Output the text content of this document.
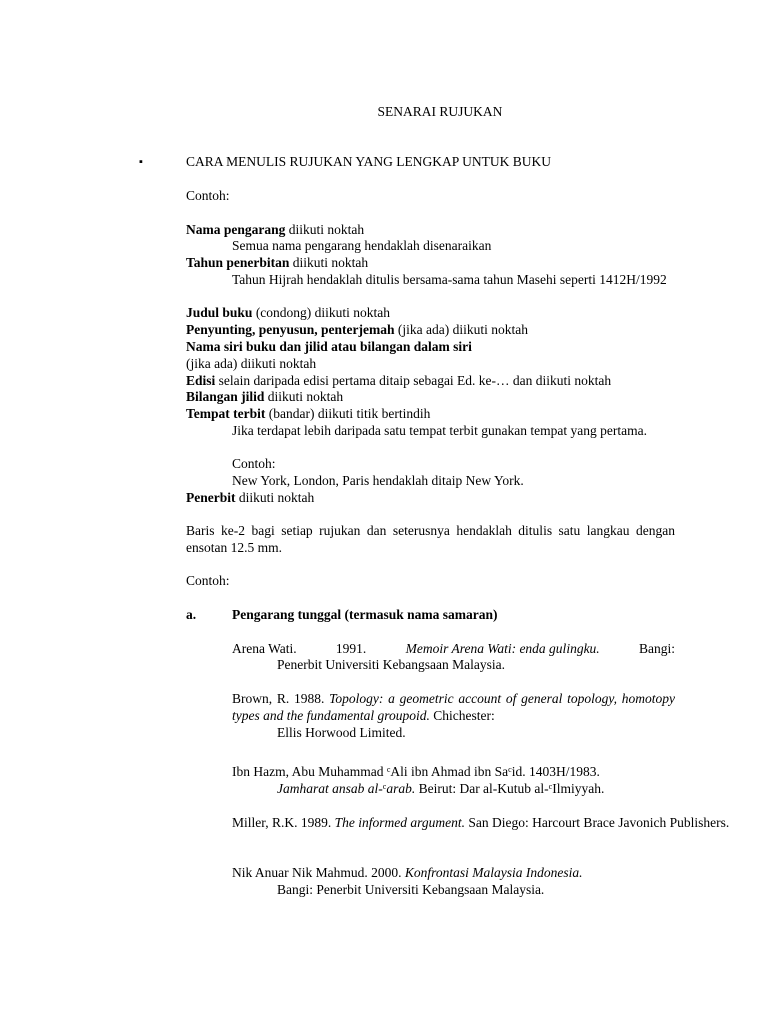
SENARAI RUJUKAN
▪	CARA MENULIS RUJUKAN YANG LENGKAP UNTUK BUKU
Contoh:
Nama pengarang diikuti noktah
Semua nama pengarang hendaklah disenaraikan
Tahun penerbitan diikuti noktah
Tahun Hijrah hendaklah ditulis bersama-sama tahun Masehi seperti 1412H/1992
Judul buku (condong) diikuti noktah
Penyunting, penyusun, penterjemah (jika ada) diikuti noktah
Nama siri buku dan jilid atau bilangan dalam siri
(jika ada) diikuti noktah
Edisi selain daripada edisi pertama ditaip sebagai Ed. ke-… dan diikuti noktah
Bilangan jilid diikuti noktah
Tempat terbit (bandar) diikuti titik bertindih
Jika terdapat lebih daripada satu tempat terbit gunakan tempat yang pertama.
Contoh:
New York, London, Paris hendaklah ditaip New York.
Penerbit diikuti noktah
Baris ke-2 bagi setiap rujukan dan seterusnya hendaklah ditulis satu langkau dengan ensotan 12.5 mm.
Contoh:
a.	Pengarang tunggal (termasuk nama samaran)
Arena Wati.	1991.	Memoir Arena Wati: enda gulingku.	Bangi:
Penerbit Universiti Kebangsaan Malaysia.
Brown, R. 1988. Topology: a geometric account of general topology, homotopy types and the fundamental groupoid. Chichester:
Ellis Horwood Limited.
Ibn Hazm, Abu Muhammad $^c$Ali ibn Ahmad ibn Sa$^c$id. 1403H/1983.
Jamharat ansab al-$^c$arab. Beirut: Dar al-Kutub al-$^c$Ilmiyyah.
Miller, R.K. 1989. The informed argument. San Diego: Harcourt Brace Javonich Publishers.
Nik Anuar Nik Mahmud. 2000. Konfrontasi Malaysia Indonesia.
Bangi: Penerbit Universiti Kebangsaan Malaysia.
